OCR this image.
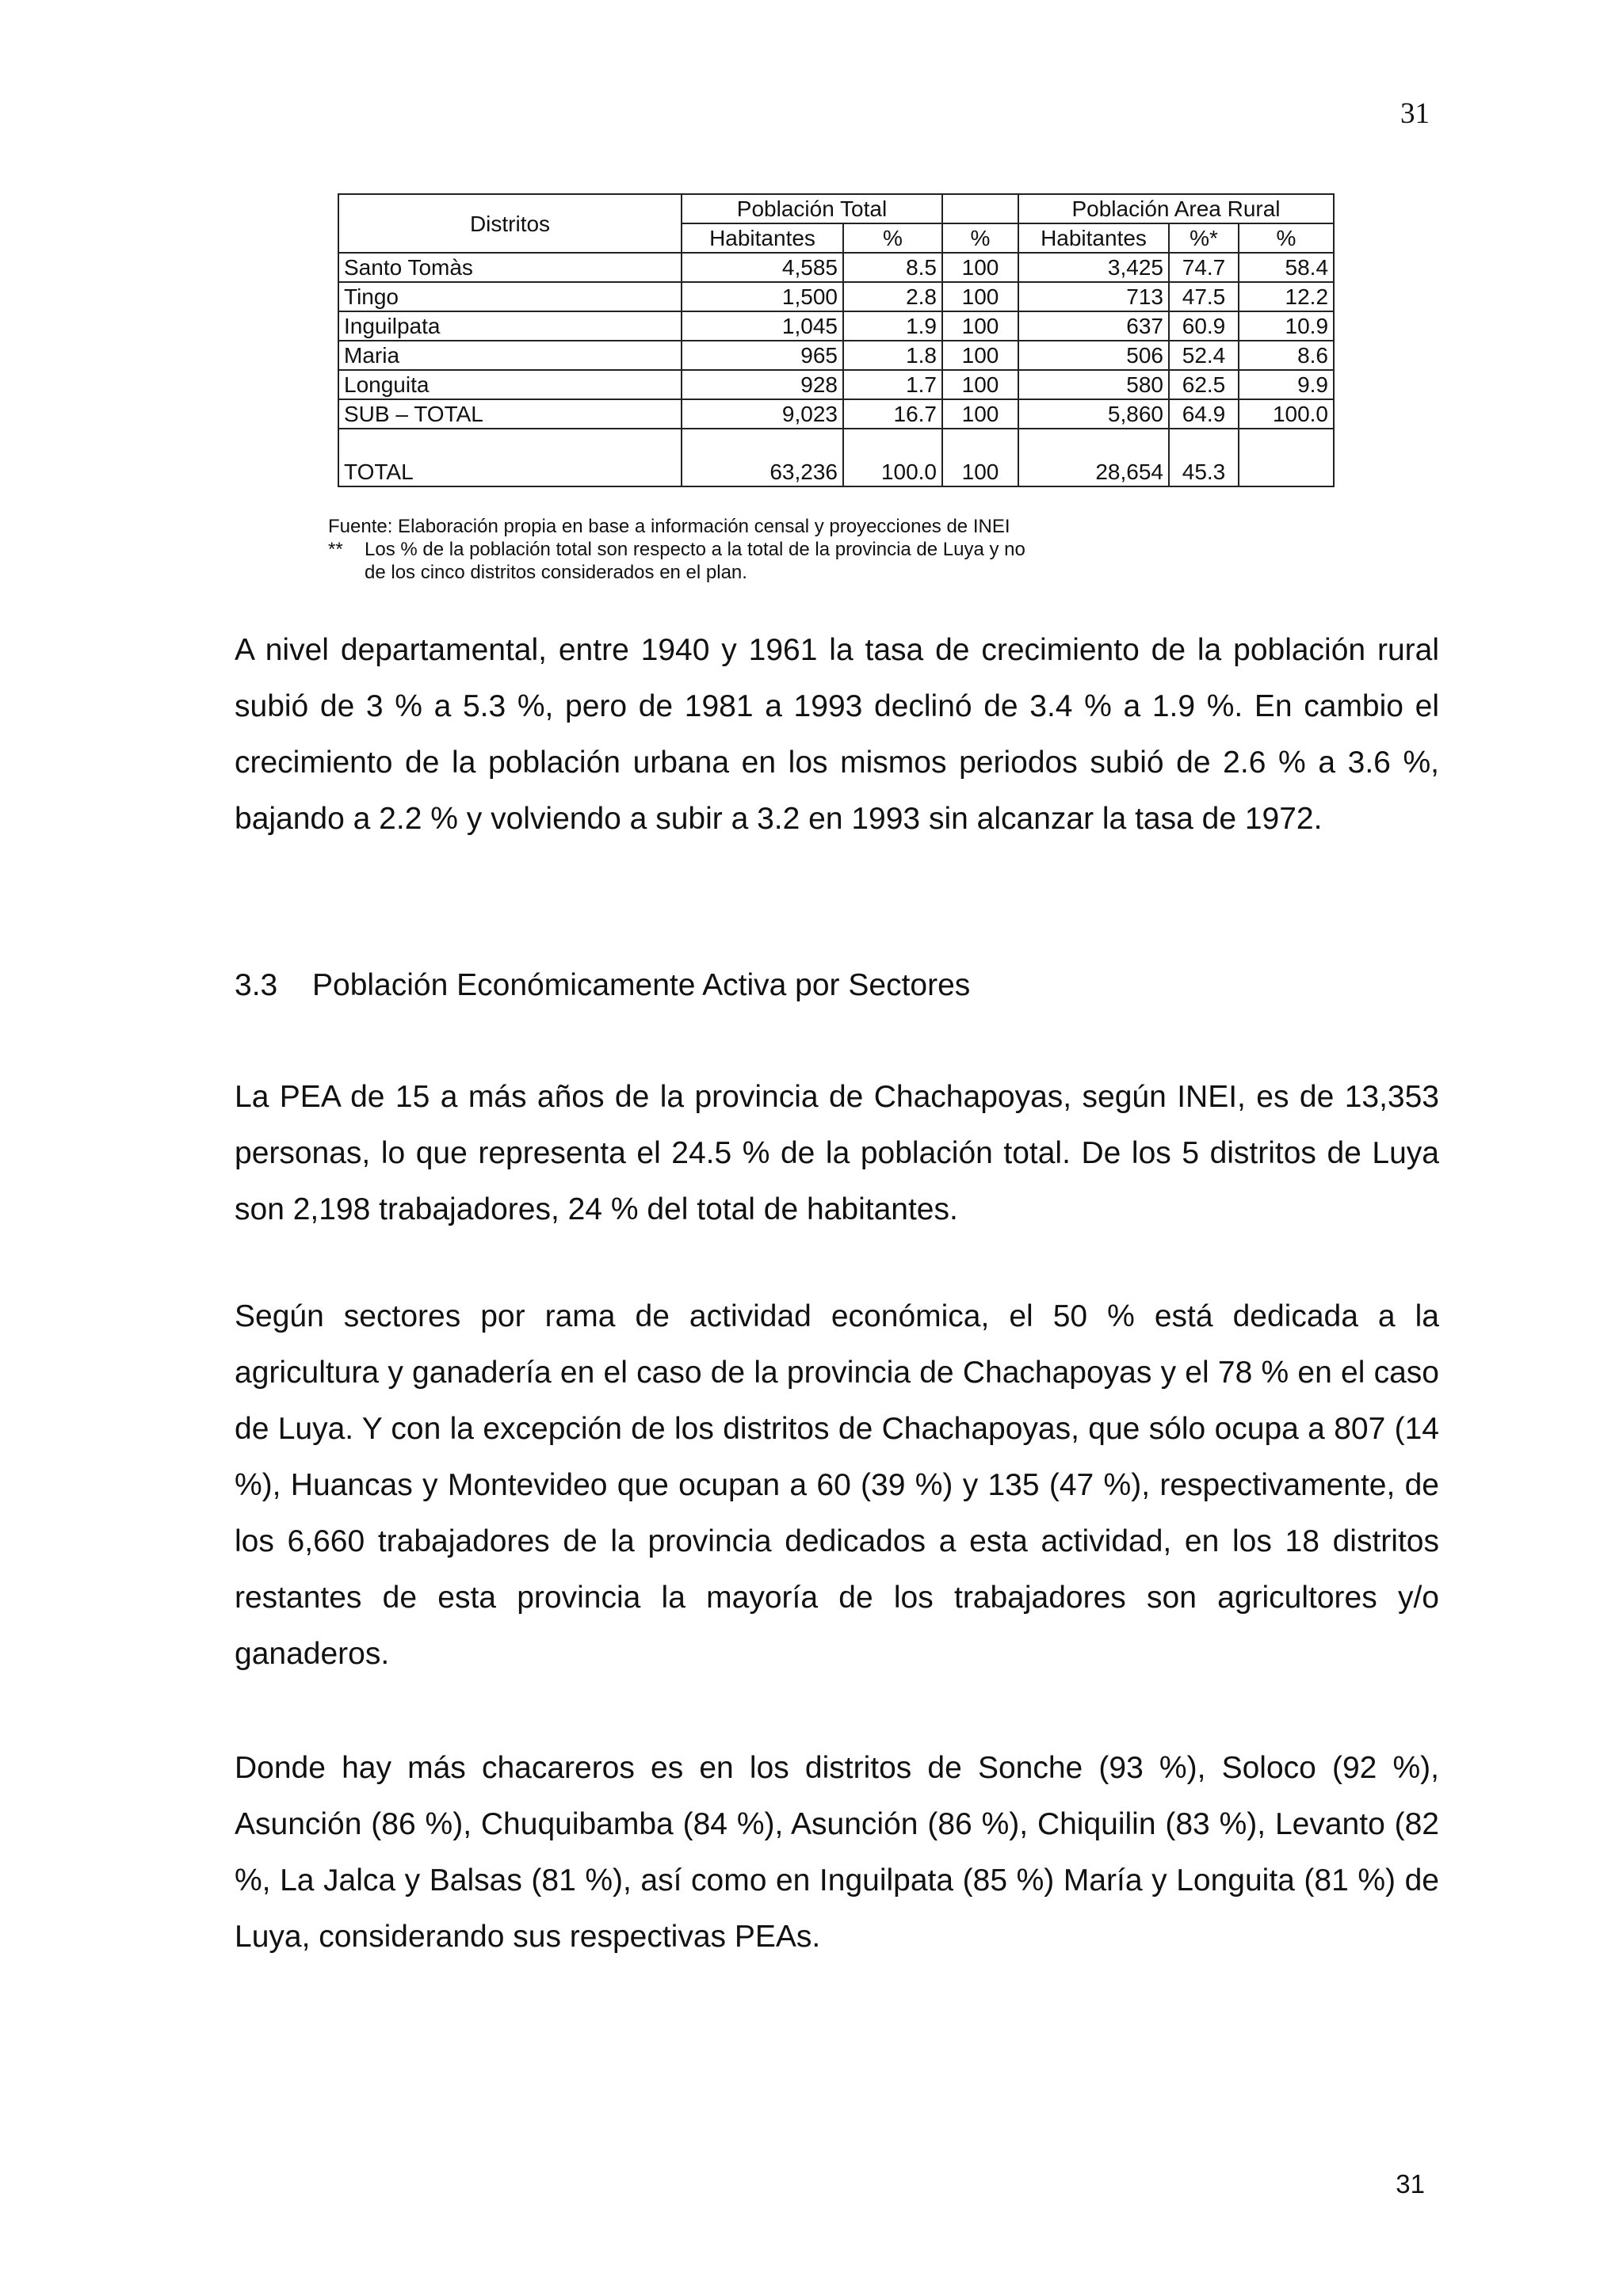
31
Distritos	Población Total			Población Area Rural		
	Habitantes	%	%	Habitantes	%*	%
Santo Tomàs	4,585	8.5	100	3,425	74.7	58.4
Tingo	1,500	2.8	100	713	47.5	12.2
Inguilpata	1,045	1.9	100	637	60.9	10.9
Maria	965	1.8	100	506	52.4	8.6
Longuita	928	1.7	100	580	62.5	9.9
SUB – TOTAL	9,023	16.7	100	5,860	64.9	100.0

TOTAL	63,236	100.0	100	28,654	45.3	
Fuente: Elaboración propia en base a información censal y proyecciones de INEI
** Los % de la población total son respecto a la total de la provincia de Luya y no
de los cinco distritos considerados en el plan.

A nivel departamental, entre 1940 y 1961 la tasa de crecimiento de la población rural subió de 3 % a 5.3 %, pero de 1981 a 1993 declinó de 3.4 % a 1.9 %. En cambio el crecimiento de la población urbana en los mismos periodos subió de 2.6 % a 3.6 %, bajando a 2.2 % y volviendo a subir a 3.2 en 1993 sin alcanzar la tasa de 1972.

3.3 Población Económicamente Activa por Sectores

La PEA de 15 a más años de la provincia de Chachapoyas, según INEI, es de 13,353 personas, lo que representa el 24.5 % de la población total. De los 5 distritos de Luya son 2,198 trabajadores, 24 % del total de habitantes.

Según sectores por rama de actividad económica, el 50 % está dedicada a la agricultura y ganadería en el caso de la provincia de Chachapoyas y el 78 % en el caso de Luya. Y con la excepción de los distritos de Chachapoyas, que sólo ocupa a 807 (14 %), Huancas y Montevideo que ocupan a 60 (39 %) y 135 (47 %), respectivamente, de los 6,660 trabajadores de la provincia dedicados a esta actividad, en los 18 distritos restantes de esta provincia la mayoría de los trabajadores son agricultores y/o ganaderos.

Donde hay más chacareros es en los distritos de Sonche (93 %), Soloco (92 %), Asunción (86 %), Chuquibamba (84 %), Asunción (86 %), Chiquilin (83 %), Levanto (82 %, La Jalca y Balsas (81 %), así como en Inguilpata (85 %) María y Longuita (81 %) de Luya, considerando sus respectivas PEAs.

31
